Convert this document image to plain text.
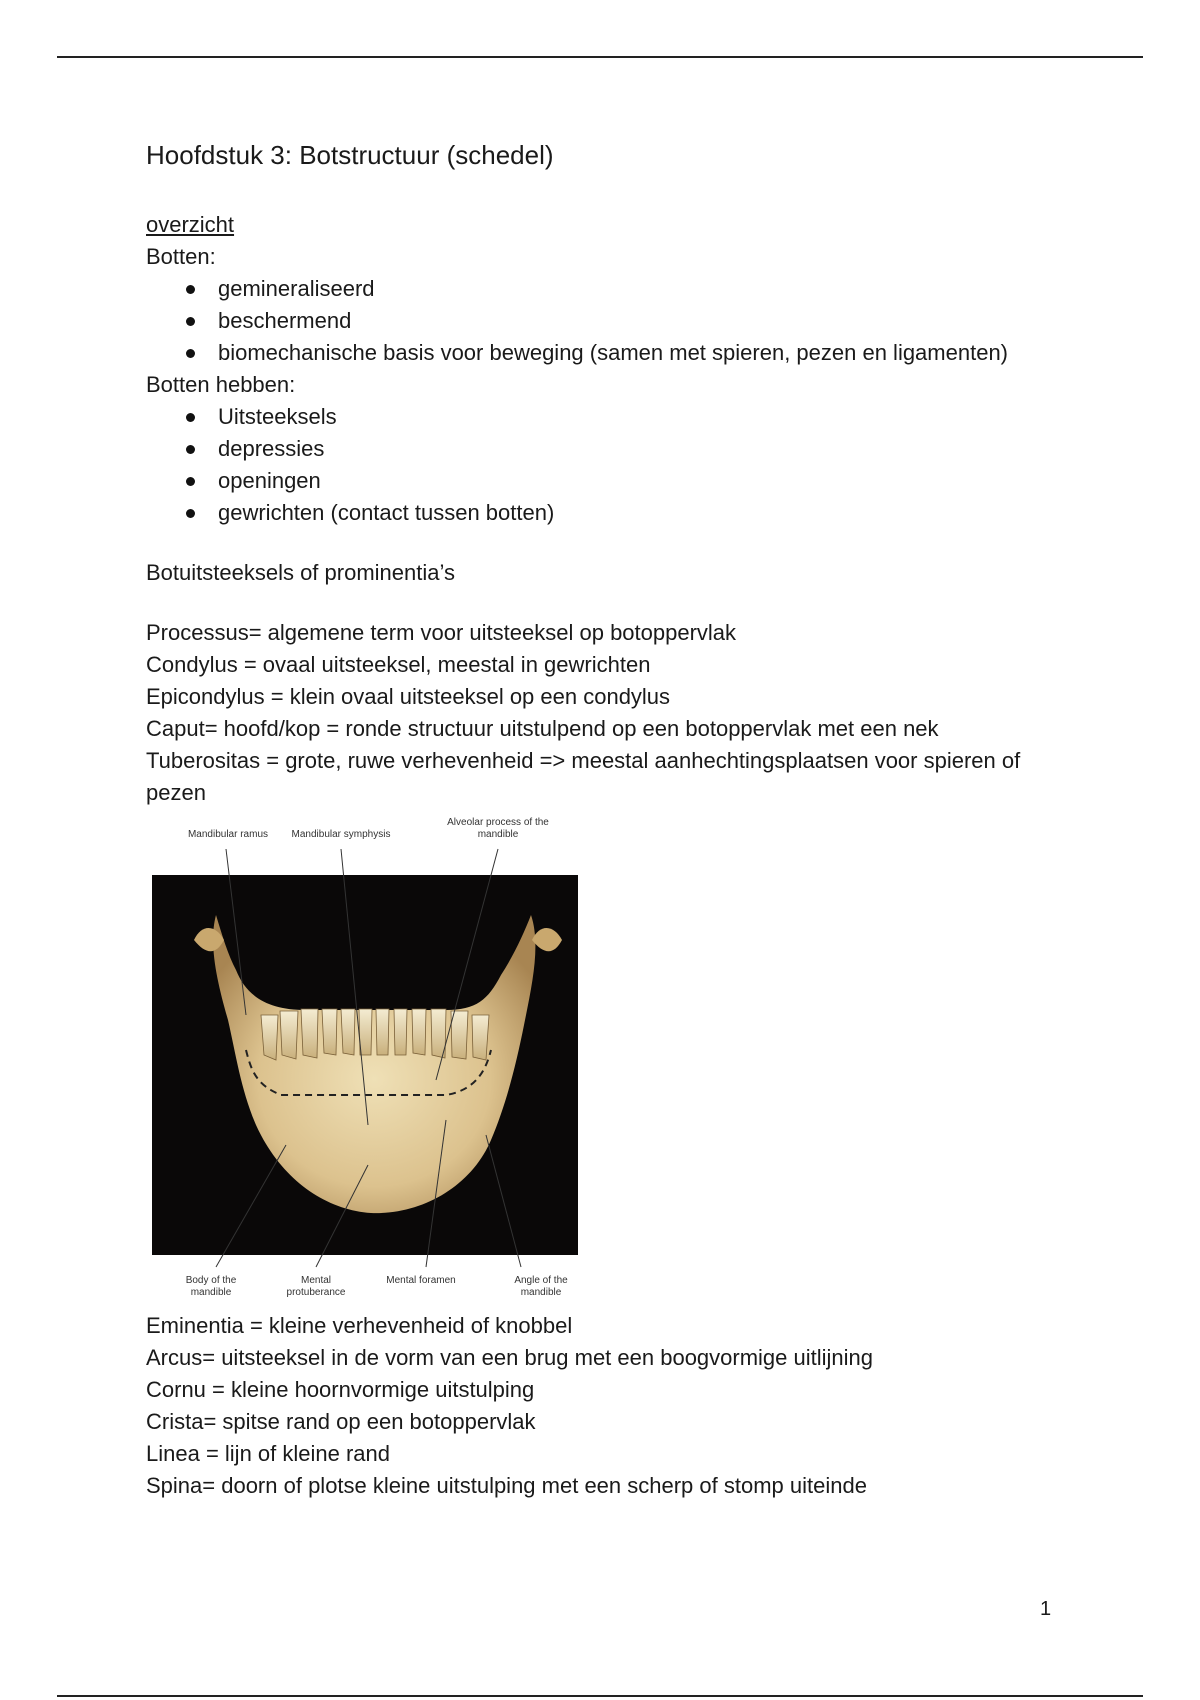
Hoofdstuk 3: Botstructuur (schedel)
overzicht
Botten:
gemineraliseerd
beschermend
biomechanische basis voor beweging (samen met spieren, pezen en ligamenten)
Botten hebben:
Uitsteeksels
depressies
openingen
gewrichten (contact tussen botten)
Botuitsteeksels of prominentia’s
Processus= algemene term voor uitsteeksel op botoppervlak
Condylus = ovaal uitsteeksel, meestal in gewrichten
Epicondylus = klein ovaal uitsteeksel op een condylus
Caput= hoofd/kop = ronde structuur uitstulpend op een botoppervlak met een nek
Tuberositas = grote, ruwe verhevenheid => meestal aanhechtingsplaatsen voor spieren of pezen
Mandibular ramus	Mandibular symphysis
Alveolar process of the mandible
Body of the mandible
Mental protuberance
Mental foramen	Angle of the mandible
Eminentia = kleine verhevenheid of knobbel
Arcus= uitsteeksel in de vorm van een brug met een boogvormige uitlijning
Cornu = kleine hoornvormige uitstulping
Crista= spitse rand op een botoppervlak
Linea = lijn of kleine rand
Spina= doorn of plotse kleine uitstulping met een scherp of stomp uiteinde
1
